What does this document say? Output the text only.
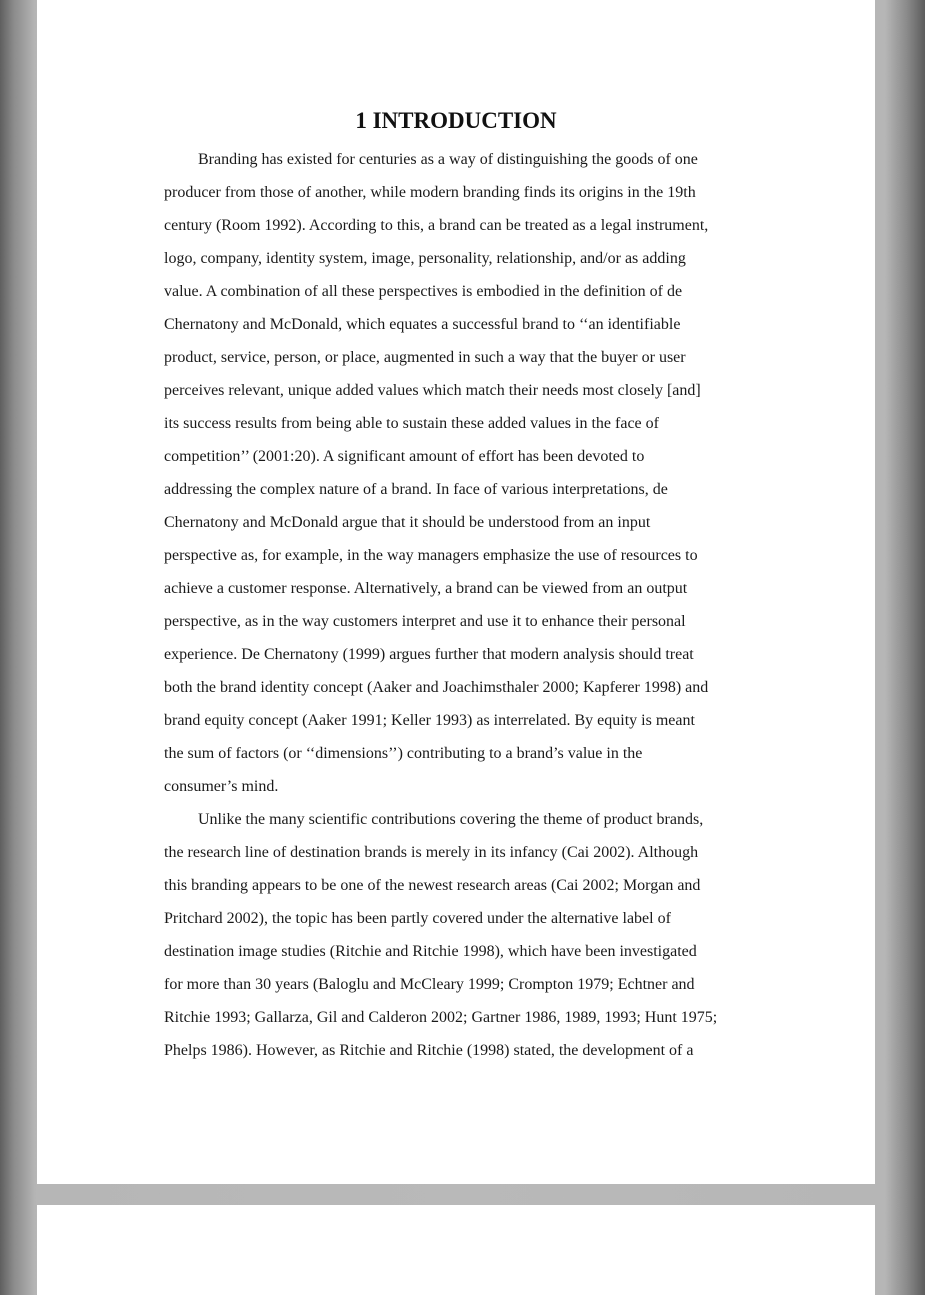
1 INTRODUCTION
Branding has existed for centuries as a way of distinguishing the goods of one
producer from those of another, while modern branding finds its origins in the 19th
century (Room 1992). According to this, a brand can be treated as a legal instrument,
logo, company, identity system, image, personality, relationship, and/or as adding
value. A combination of all these perspectives is embodied in the definition of de
Chernatony and McDonald, which equates a successful brand to ‘‘an identifiable
product, service, person, or place, augmented in such a way that the buyer or user
perceives relevant, unique added values which match their needs most closely [and]
its success results from being able to sustain these added values in the face of
competition’’ (2001:20). A significant amount of effort has been devoted to
addressing the complex nature of a brand. In face of various interpretations, de
Chernatony and McDonald argue that it should be understood from an input
perspective as, for example, in the way managers emphasize the use of resources to
achieve a customer response. Alternatively, a brand can be viewed from an output
perspective, as in the way customers interpret and use it to enhance their personal
experience. De Chernatony (1999) argues further that modern analysis should treat
both the brand identity concept (Aaker and Joachimsthaler 2000; Kapferer 1998) and
brand equity concept (Aaker 1991; Keller 1993) as interrelated. By equity is meant
the sum of factors (or ‘‘dimensions’’) contributing to a brand’s value in the
consumer’s mind.
Unlike the many scientific contributions covering the theme of product brands,
the research line of destination brands is merely in its infancy (Cai 2002). Although
this branding appears to be one of the newest research areas (Cai 2002; Morgan and
Pritchard 2002), the topic has been partly covered under the alternative label of
destination image studies (Ritchie and Ritchie 1998), which have been investigated
for more than 30 years (Baloglu and McCleary 1999; Crompton 1979; Echtner and
Ritchie 1993; Gallarza, Gil and Calderon 2002; Gartner 1986, 1989, 1993; Hunt 1975;
Phelps 1986). However, as Ritchie and Ritchie (1998) stated, the development of a
